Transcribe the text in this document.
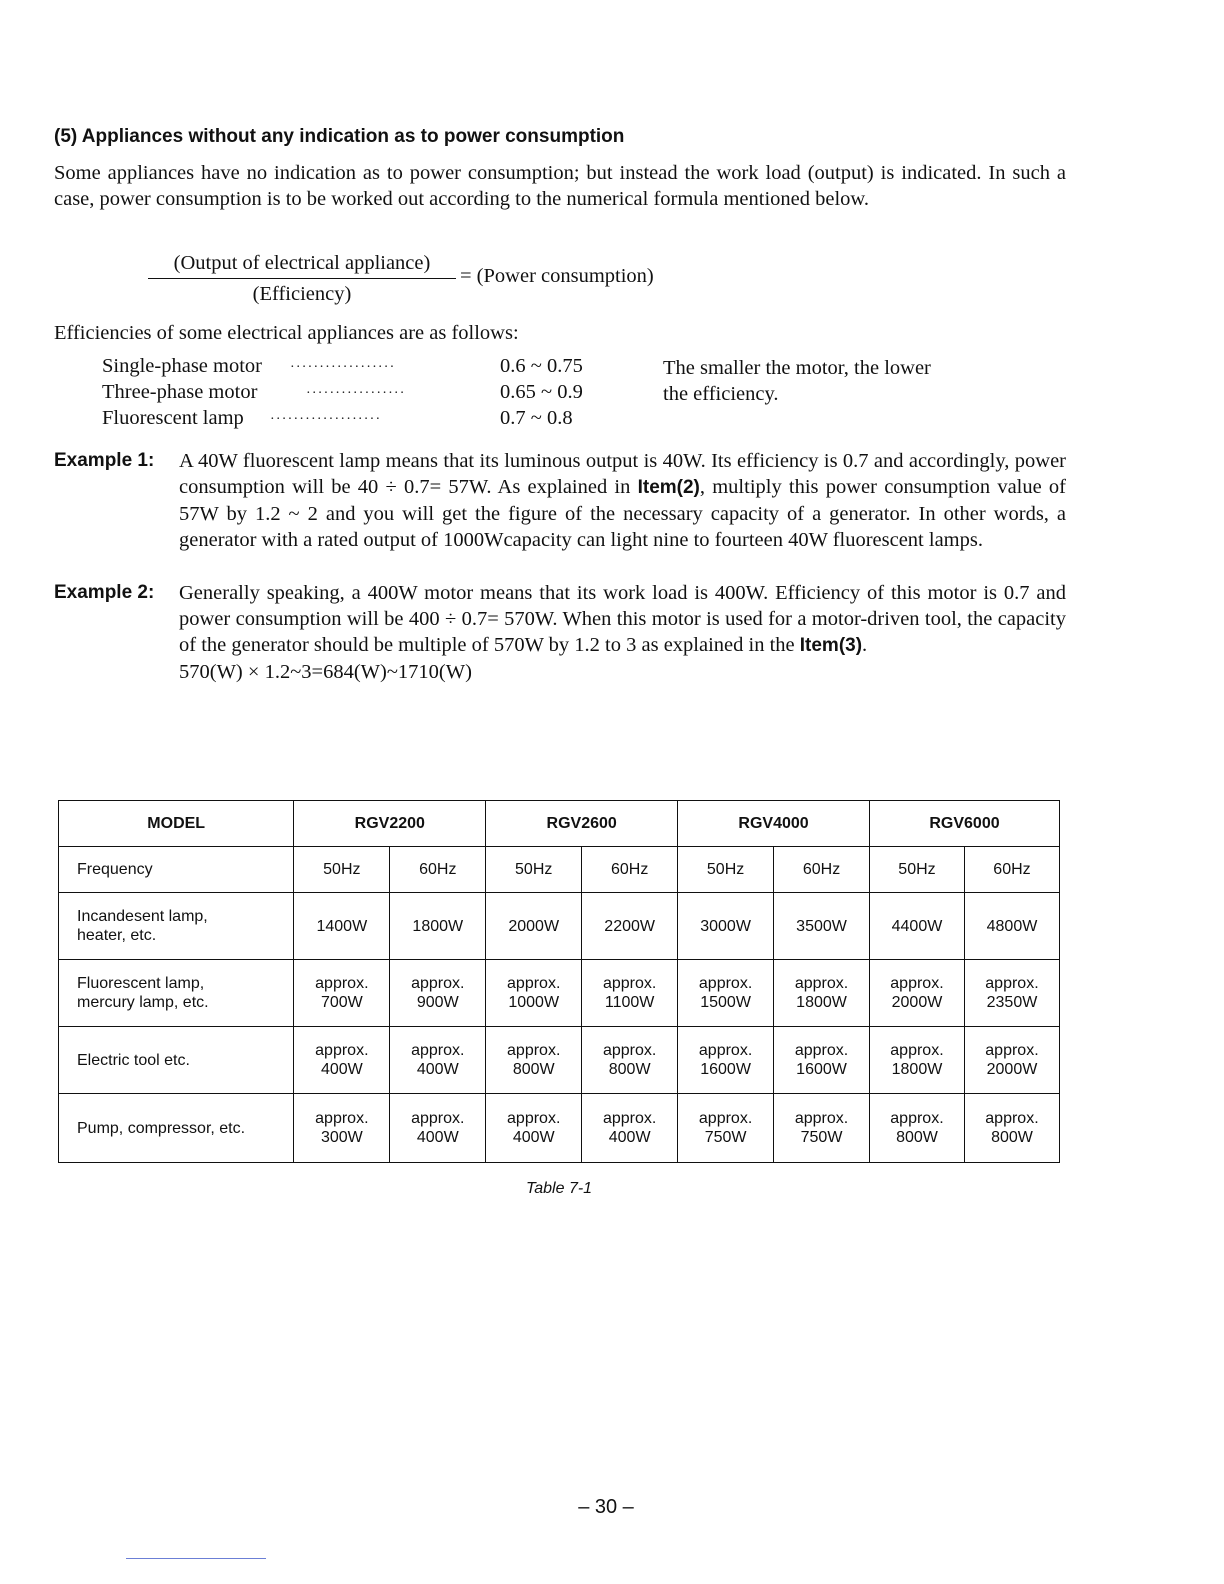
(5) Appliances without any indication as to power consumption
Some appliances have no indication as to power consumption; but instead the work load (output) is indicated. In such a case, power consumption is to be worked out according to the numerical formula mentioned below.
(Output of electrical appliance)
(Efficiency)
= (Power consumption)
Efficiencies of some electrical appliances are as follows:
Single-phase motor ··················	0.6 ~ 0.75
Three-phase motor	·················	0.65 ~ 0.9
Fluorescent lamp ···················	0.7 ~ 0.8
The smaller the motor, the lower the efficiency.
Example 1: A 40W fluorescent lamp means that its luminous output is 40W. Its efficiency is 0.7 and accordingly, power consumption will be 40 ÷ 0.7= 57W. As explained in Item(2), multiply this power consumption value of 57W by 1.2 ~ 2 and you will get the figure of the necessary capacity of a generator. In other words, a generator with a rated output of 1000Wcapacity can light nine to fourteen 40W fluorescent lamps.
Example 2: Generally speaking, a 400W motor means that its work load is 400W. Efficiency of this motor is 0.7 and power consumption will be 400 ÷ 0.7= 570W. When this motor is used for a motor-driven tool, the capacity of the generator should be multiple of 570W by 1.2 to 3 as explained in the Item(3).
570(W) × 1.2~3=684(W)~1710(W)
MODEL	RGV2200		RGV2600		RGV4000		RGV6000	
Frequency	50Hz	60Hz	50Hz	60Hz	50Hz	60Hz	50Hz	60Hz
Incandesent lamp, heater, etc.	1400W	1800W	2000W	2200W	3000W	3500W	4400W	4800W
Fluorescent lamp, mercury lamp, etc.	approx. 700W	approx. 900W	approx. 1000W	approx. 1100W	approx. 1500W	approx. 1800W	approx. 2000W	approx. 2350W
Electric tool etc.	approx. 400W	approx. 400W	approx. 800W	approx. 800W	approx. 1600W	approx. 1600W	approx. 1800W	approx. 2000W
Pump, compressor, etc.	approx. 300W	approx. 400W	approx. 400W	approx. 400W	approx. 750W	approx. 750W	approx. 800W	approx. 800W
Table 7-1
– 30 –
